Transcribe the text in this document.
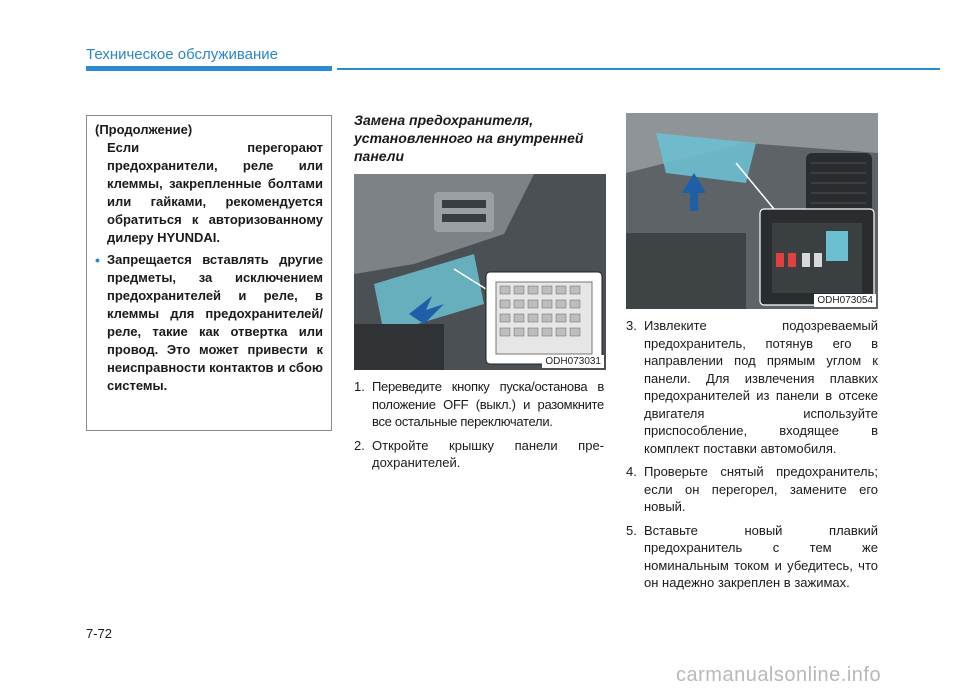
Техническое обслуживание
(Продолжение)
Если перегорают предохранители, реле или клеммы, закрепленные болтами или гайками, рекомендуется обратиться к авторизованному дилеру HYUNDAI.
• Запрещается вставлять другие предметы, за исключением предохранителей и реле, в клеммы для предохранителей/реле, такие как отвертка или провод. Это может привести к неисправности контактов и сбою системы.
Замена предохранителя, установленного на внутренней панели
ODH073031
ODH073054
1. Переведите кнопку пуска/останова в положение OFF (выкл.) и разомкните все остальные переключатели.
2. Откройте крышку панели пре-дохранителей.
3. Извлеките подозреваемый предохранитель, потянув его в направлении под прямым углом к панели. Для извлечения плавких предохранителей из панели в отсеке двигателя используйте приспособление, входящее в комплект поставки автомобиля.
4. Проверьте снятый предохранитель; если он перегорел, замените его новый.
5. Вставьте новый плавкий предохранитель с тем же номинальным током и убедитесь, что он надежно закреплен в зажимах.
7-72
carmanualsonline.info
